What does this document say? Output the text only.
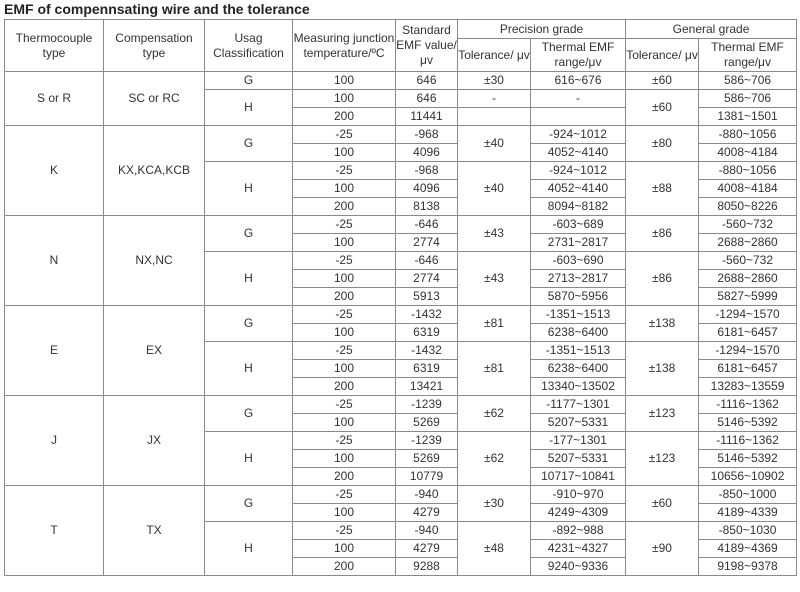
EMF of compennsating wire and the tolerance
Thermocouple type	Compensation type	Usag Classification	Measuring junction temperature/ºC	Standard EMF value/μv	Precision grade		General grade	
					Tolerance/ μv	Thermal EMF range/μv	Tolerance/ μv	Thermal EMF range/μv
S or R	SC or RC	G	100	646	±30	616~676	±60	586~706
		H	100	646	-	-	±60	586~706
			200	11441				1381~1501
K	KX,KCA,KCB	G	-25	-968	±40	-924~1012	±80	-880~1056
			100	4096		4052~4140		4008~4184
		H	-25	-968	±40	-924~1012	±88	-880~1056
			100	4096		4052~4140		4008~4184
			200	8138		8094~8182		8050~8226
N	NX,NC	G	-25	-646	±43	-603~689	±86	-560~732
			100	2774		2731~2817		2688~2860
		H	-25	-646	±43	-603~690	±86	-560~732
			100	2774		2713~2817		2688~2860
			200	5913		5870~5956		5827~5999
E	EX	G	-25	-1432	±81	-1351~1513	±138	-1294~1570
			100	6319		6238~6400		6181~6457
		H	-25	-1432	±81	-1351~1513	±138	-1294~1570
			100	6319		6238~6400		6181~6457
			200	13421		13340~13502		13283~13559
J	JX	G	-25	-1239	±62	-1177~1301	±123	-1116~1362
			100	5269		5207~5331		5146~5392
		H	-25	-1239	±62	-177~1301	±123	-1116~1362
			100	5269		5207~5331		5146~5392
			200	10779		10717~10841		10656~10902
T	TX	G	-25	-940	±30	-910~970	±60	-850~1000
			100	4279		4249~4309		4189~4339
		H	-25	-940	±48	-892~988	±90	-850~1030
			100	4279		4231~4327		4189~4369
			200	9288		9240~9336		9198~9378
